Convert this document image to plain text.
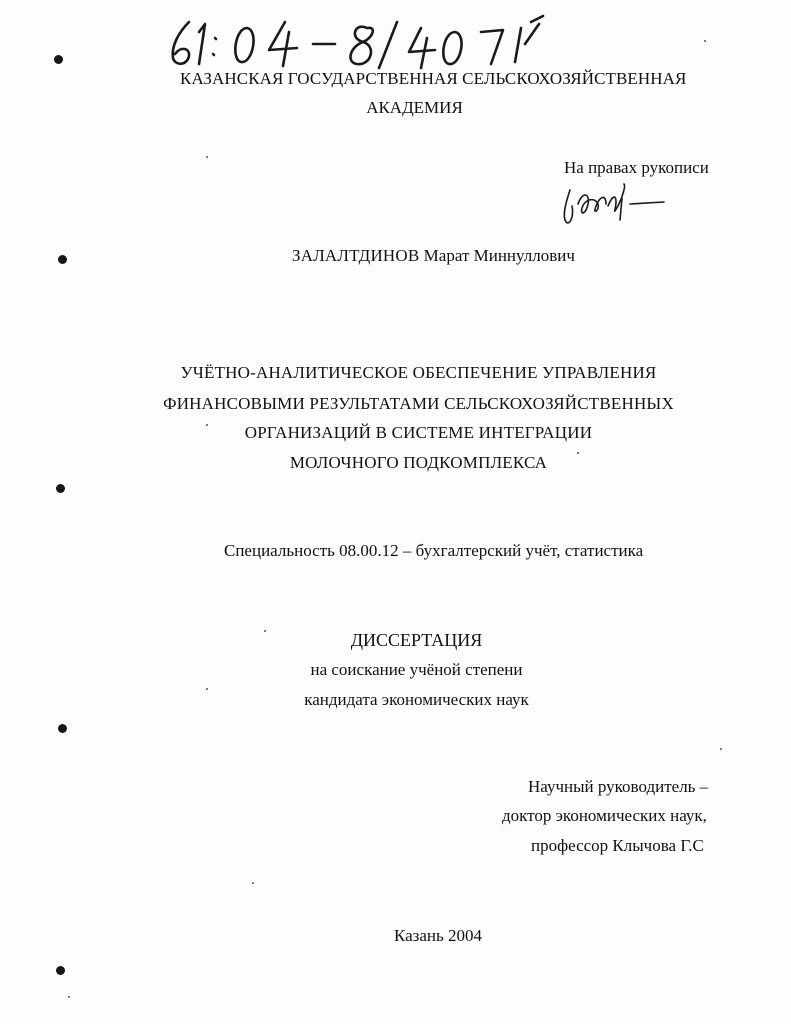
КАЗАНСКАЯ ГОСУДАРСТВЕННАЯ СЕЛЬСКОХОЗЯЙСТВЕННАЯ
АКАДЕМИЯ
На правах рукописи
ЗАЛАЛТДИНОВ Марат Миннуллович
УЧЁТНО-АНАЛИТИЧЕСКОЕ ОБЕСПЕЧЕНИЕ УПРАВЛЕНИЯ
ФИНАНСОВЫМИ РЕЗУЛЬТАТАМИ СЕЛЬСКОХОЗЯЙСТВЕННЫХ
ОРГАНИЗАЦИЙ В СИСТЕМЕ ИНТЕГРАЦИИ
МОЛОЧНОГО ПОДКОМПЛЕКСА
Специальность 08.00.12 – бухгалтерский учёт, статистика
ДИССЕРТАЦИЯ
на соискание учёной степени
кандидата экономических наук
Научный руководитель –
доктор экономических наук,
профессор Клычова Г.С
Казань 2004
